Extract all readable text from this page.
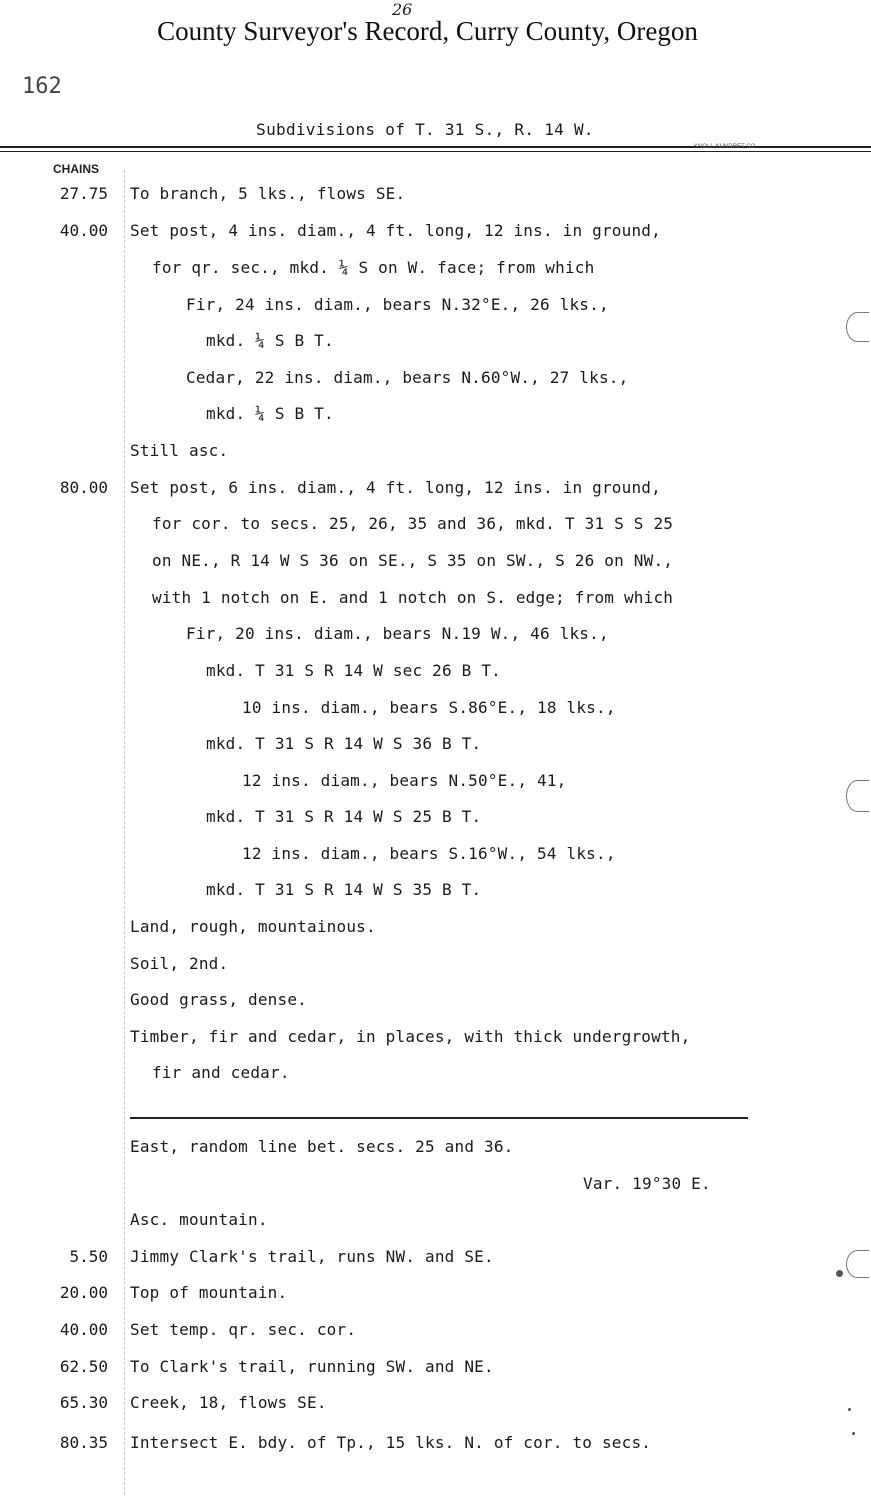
26
County Surveyor's Record, Curry County, Oregon
162
Subdivisions of T. 31 S., R. 14 W.
KNOLL-KUNDRET CO
CHAINS
27.75 To branch, 5 lks., flows SE.
40.00 Set post, 4 ins. diam., 4 ft. long, 12 ins. in ground,
for qr. sec., mkd. ¼ S on W. face; from which
Fir, 24 ins. diam., bears N.32°E., 26 lks.,
mkd. ¼ S B T.
Cedar, 22 ins. diam., bears N.60°W., 27 lks.,
mkd. ¼ S B T.
Still asc.
80.00 Set post, 6 ins. diam., 4 ft. long, 12 ins. in ground,
for cor. to secs. 25, 26, 35 and 36, mkd. T 31 S S 25
on NE., R 14 W S 36 on SE., S 35 on SW., S 26 on NW.,
with 1 notch on E. and 1 notch on S. edge; from which
Fir, 20 ins. diam., bears N.19 W., 46 lks.,
mkd. T 31 S R 14 W sec 26 B T.
10 ins. diam., bears S.86°E., 18 lks.,
mkd. T 31 S R 14 W S 36 B T.
12 ins. diam., bears N.50°E., 41,
mkd. T 31 S R 14 W S 25 B T.
12 ins. diam., bears S.16°W., 54 lks.,
mkd. T 31 S R 14 W S 35 B T.
Land, rough, mountainous.
Soil, 2nd.
Good grass, dense.
Timber, fir and cedar, in places, with thick undergrowth,
fir and cedar.
East, random line bet. secs. 25 and 36.
Var. 19°30 E.
Asc. mountain.
5.50 Jimmy Clark's trail, runs NW. and SE.
20.00 Top of mountain.
40.00 Set temp. qr. sec. cor.
62.50 To Clark's trail, running SW. and NE.
65.30 Creek, 18, flows SE.
80.35 Intersect E. bdy. of Tp., 15 lks. N. of cor. to secs.
